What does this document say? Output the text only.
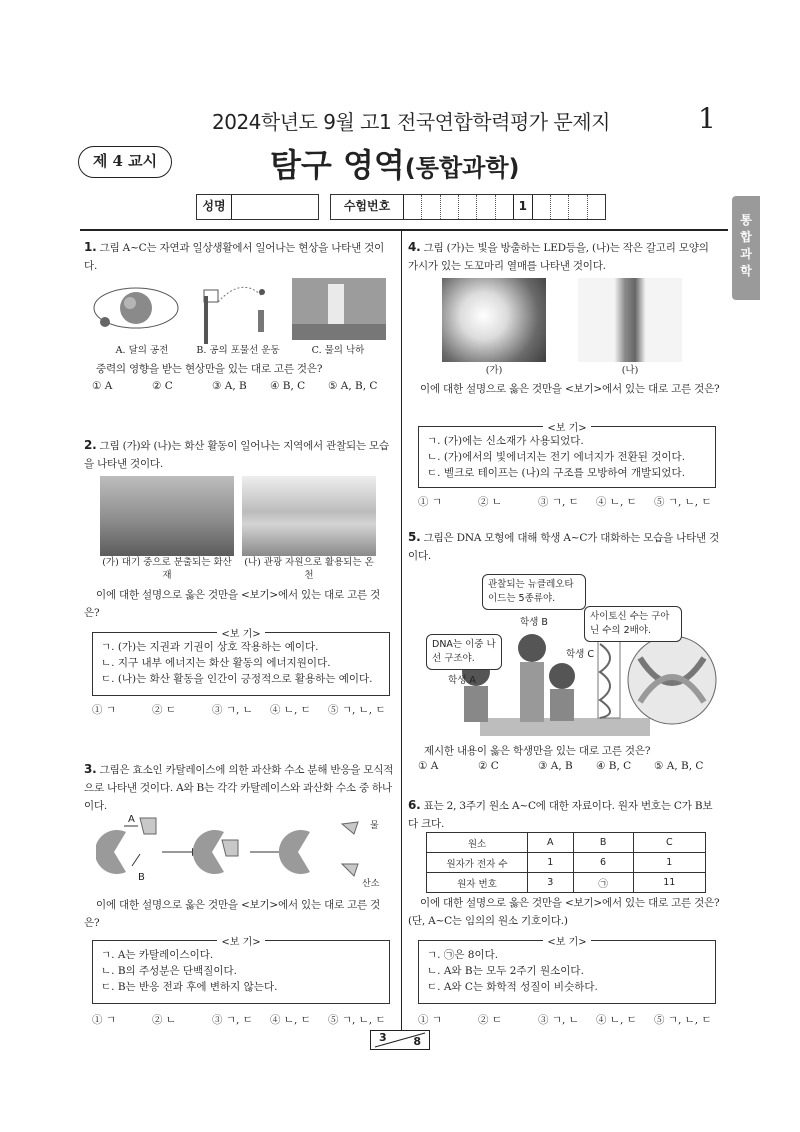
2024학년도 9월 고1 전국연합학력평가 문제지	1
제 4 교시	탐구 영역(통합과학)
성명	수험번호	1
통합과학
1. 그림 A~C는 자연과 일상생활에서 일어나는 현상을 나타낸 것이다.
A. 달의 공전	B. 공의 포물선 운동	C. 물의 낙하
중력의 영향을 받는 현상만을 있는 대로 고른 것은?
① A	② C	③ A, B	④ B, C	⑤ A, B, C
2. 그림 (가)와 (나)는 화산 활동이 일어나는 지역에서 관찰되는 모습을 나타낸 것이다.
(가) 대기 중으로 분출되는 화산재
(나) 관광 자원으로 활용되는 온천
이에 대한 설명으로 옳은 것만을 <보기>에서 있는 대로 고른 것은?
<보 기>
ㄱ. (가)는 지권과 기권이 상호 작용하는 예이다.
ㄴ. 지구 내부 에너지는 화산 활동의 에너지원이다.
ㄷ. (나)는 화산 활동을 인간이 긍정적으로 활용하는 예이다.
① ㄱ	② ㄷ	③ ㄱ, ㄴ	④ ㄴ, ㄷ	⑤ ㄱ, ㄴ, ㄷ
3. 그림은 효소인 카탈레이스에 의한 과산화 수소 분해 반응을 모식적으로 나타낸 것이다. A와 B는 각각 카탈레이스와 과산화 수소 중 하나이다.
A
B
물
산소
이에 대한 설명으로 옳은 것만을 <보기>에서 있는 대로 고른 것은?
<보 기>
ㄱ. A는 카탈레이스이다.
ㄴ. B의 주성분은 단백질이다.
ㄷ. B는 반응 전과 후에 변하지 않는다.
① ㄱ	② ㄴ	③ ㄱ, ㄷ	④ ㄴ, ㄷ	⑤ ㄱ, ㄴ, ㄷ
4. 그림 (가)는 빛을 방출하는 LED등을, (나)는 작은 갈고리 모양의 가시가 있는 도꼬마리 열매를 나타낸 것이다.
(가)	(나)
이에 대한 설명으로 옳은 것만을 <보기>에서 있는 대로 고른 것은?
<보 기>
ㄱ. (가)에는 신소재가 사용되었다.
ㄴ. (가)에서의 빛에너지는 전기 에너지가 전환된 것이다.
ㄷ. 벨크로 테이프는 (나)의 구조를 모방하여 개발되었다.
① ㄱ	② ㄴ	③ ㄱ, ㄷ	④ ㄴ, ㄷ	⑤ ㄱ, ㄴ, ㄷ
5. 그림은 DNA 모형에 대해 학생 A~C가 대화하는 모습을 나타낸 것이다.
관찰되는 뉴클레오타이드는 5종류야.
사이토신 수는 구아닌 수의 2배야.
DNA는 이중 나선 구조야.
학생 B
학생 C
학생 A
제시한 내용이 옳은 학생만을 있는 대로 고른 것은?
① A	② C	③ A, B	④ B, C	⑤ A, B, C
6. 표는 2, 3주기 원소 A~C에 대한 자료이다. 원자 번호는 C가 B보다 크다.
원소	A	B	C
원자가 전자 수	1	6	1
원자 번호	3	㉠	11
이에 대한 설명으로 옳은 것만을 <보기>에서 있는 대로 고른 것은? (단, A~C는 임의의 원소 기호이다.)
<보 기>
ㄱ. ㉠은 8이다.
ㄴ. A와 B는 모두 2주기 원소이다.
ㄷ. A와 C는 화학적 성질이 비슷하다.
① ㄱ	② ㄷ	③ ㄱ, ㄴ	④ ㄴ, ㄷ	⑤ ㄱ, ㄴ, ㄷ
3 8
